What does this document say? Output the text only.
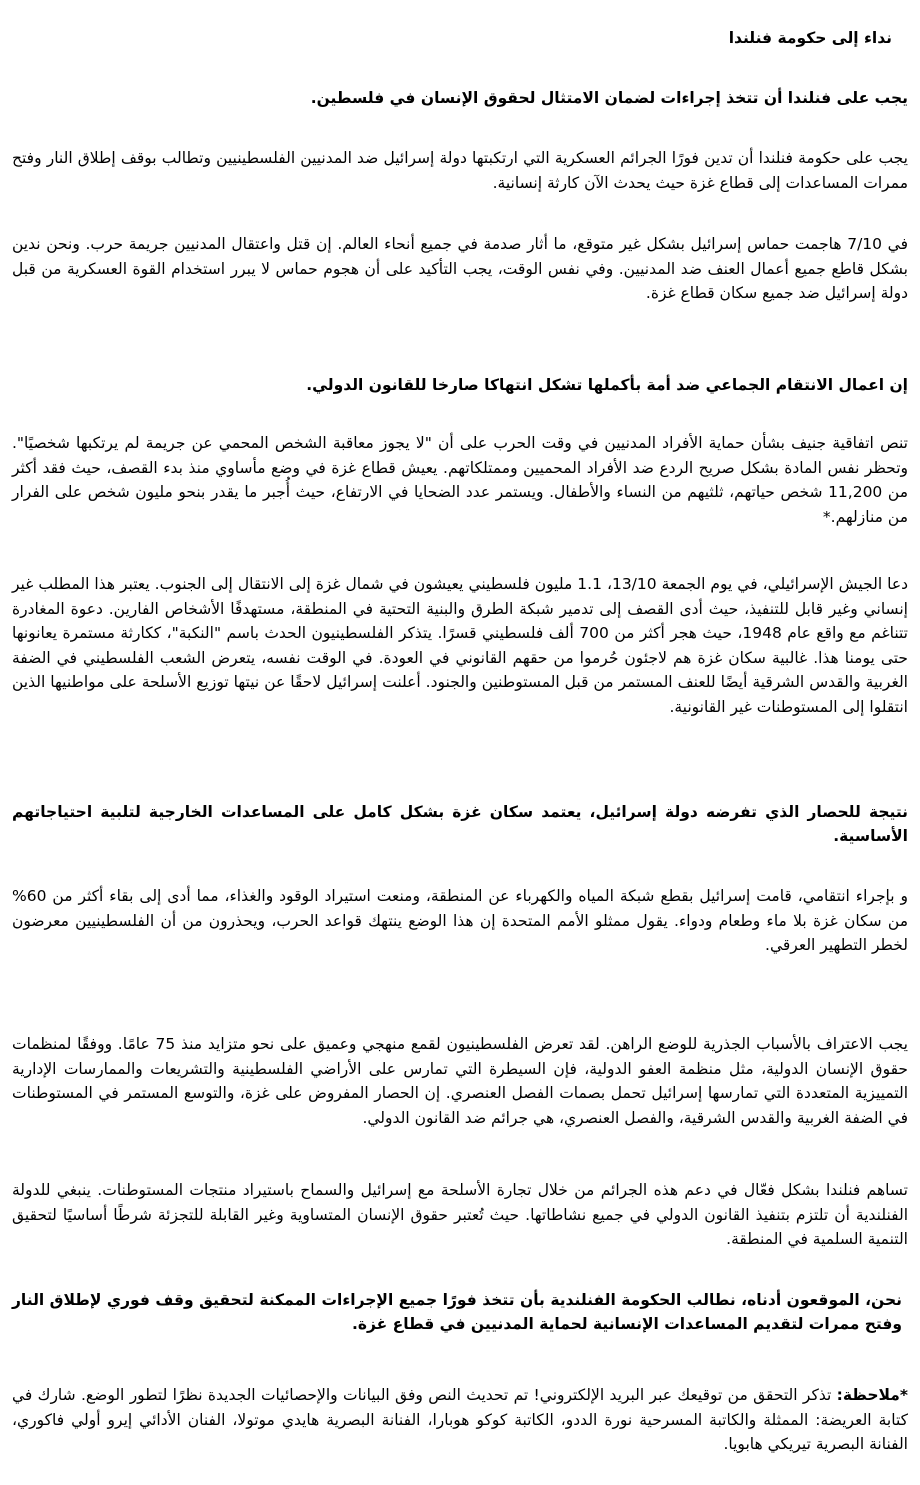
نداء إلى حكومة فنلندا
يجب على فنلندا أن تتخذ إجراءات لضمان الامتثال لحقوق الإنسان في فلسطين.
يجب على حكومة فنلندا أن تدين فورًا الجرائم العسكرية التي ارتكبتها دولة إسرائيل ضد المدنيين الفلسطينيين وتطالب بوقف إطلاق النار وفتح ممرات المساعدات إلى قطاع غزة حيث يحدث الآن كارثة إنسانية.
في 7/10 هاجمت حماس إسرائيل بشكل غير متوقع، ما أثار صدمة في جميع أنحاء العالم. إن قتل واعتقال المدنيين جريمة حرب. ونحن ندين بشكل قاطع جميع أعمال العنف ضد المدنيين. وفي نفس الوقت، يجب التأكيد على أن هجوم حماس لا يبرر استخدام القوة العسكرية من قبل دولة إسرائيل ضد جميع سكان قطاع غزة.
إن اعمال الانتقام الجماعي ضد أمة بأكملها تشكل انتهاكا صارخا للقانون الدولي.
تنص اتفاقية جنيف بشأن حماية الأفراد المدنيين في وقت الحرب على أن "لا يجوز معاقبة الشخص المحمي عن جريمة لم يرتكبها شخصيًا". وتحظر نفس المادة بشكل صريح الردع ضد الأفراد المحميين وممتلكاتهم. يعيش قطاع غزة في وضع مأساوي منذ بدء القصف، حيث فقد أكثر من 11,200 شخص حياتهم، ثلثيهم من النساء والأطفال. ويستمر عدد الضحايا في الارتفاع، حيث أُجبر ما يقدر بنحو مليون شخص على الفرار من منازلهم.*
دعا الجيش الإسرائيلي، في يوم الجمعة 13/10، 1.1 مليون فلسطيني يعيشون في شمال غزة إلى الانتقال إلى الجنوب. يعتبر هذا المطلب غير إنساني وغير قابل للتنفيذ، حيث أدى القصف إلى تدمير شبكة الطرق والبنية التحتية في المنطقة، مستهدفًا الأشخاص الفارين. دعوة المغادرة تتناغم مع واقع عام 1948، حيث هجر أكثر من 700 ألف فلسطيني قسرًا. يتذكر الفلسطينيون الحدث باسم "النكبة"، ككارثة مستمرة يعانونها حتى يومنا هذا. غالبية سكان غزة هم لاجئون حُرموا من حقهم القانوني في العودة. في الوقت نفسه، يتعرض الشعب الفلسطيني في الضفة الغربية والقدس الشرقية أيضًا للعنف المستمر من قبل المستوطنين والجنود. أعلنت إسرائيل لاحقًا عن نيتها توزيع الأسلحة على مواطنيها الذين انتقلوا إلى المستوطنات غير القانونية.
نتيجة للحصار الذي تفرضه دولة إسرائيل، يعتمد سكان غزة بشكل كامل على المساعدات الخارجية لتلبية احتياجاتهم الأساسية.
و بإجراء انتقامي، قامت إسرائيل بقطع شبكة المياه والكهرباء عن المنطقة، ومنعت استيراد الوقود والغذاء، مما أدى إلى بقاء أكثر من 60% من سكان غزة بلا ماء وطعام ودواء. يقول ممثلو الأمم المتحدة إن هذا الوضع ينتهك قواعد الحرب، ويحذرون من أن الفلسطينيين معرضون لخطر التطهير العرقي.
يجب الاعتراف بالأسباب الجذرية للوضع الراهن. لقد تعرض الفلسطينيون لقمع منهجي وعميق على نحو متزايد منذ 75 عامًا. ووفقًا لمنظمات حقوق الإنسان الدولية، مثل منظمة العفو الدولية، فإن السيطرة التي تمارس على الأراضي الفلسطينية والتشريعات والممارسات الإدارية التمييزية المتعددة التي تمارسها إسرائيل تحمل بصمات الفصل العنصري. إن الحصار المفروض على غزة، والتوسع المستمر في المستوطنات في الضفة الغربية والقدس الشرقية، والفصل العنصري، هي جرائم ضد القانون الدولي.
تساهم فنلندا بشكل فعّال في دعم هذه الجرائم من خلال تجارة الأسلحة مع إسرائيل والسماح باستيراد منتجات المستوطنات. ينبغي للدولة الفنلندية أن تلتزم بتنفيذ القانون الدولي في جميع نشاطاتها. حيث تُعتبر حقوق الإنسان المتساوية وغير القابلة للتجزئة شرطًا أساسيًا لتحقيق التنمية السلمية في المنطقة.
نحن، الموقعون أدناه، نطالب الحكومة الفنلندية بأن تتخذ فورًا جميع الإجراءات الممكنة لتحقيق وقف فوري لإطلاق النار وفتح ممرات لتقديم المساعدات الإنسانية لحماية المدنيين في قطاع غزة.
*ملاحظة: تذكر التحقق من توقيعك عبر البريد الإلكتروني! تم تحديث النص وفق البيانات والإحصائيات الجديدة نظرًا لتطور الوضع. شارك في كتابة العريضة: الممثلة والكاتبة المسرحية نورة الددو، الكاتبة كوكو هوبارا، الفنانة البصرية هايدي موتولا، الفنان الأدائي إيرو أولي فاكوري، الفنانة البصرية تيريكي هابويا.
